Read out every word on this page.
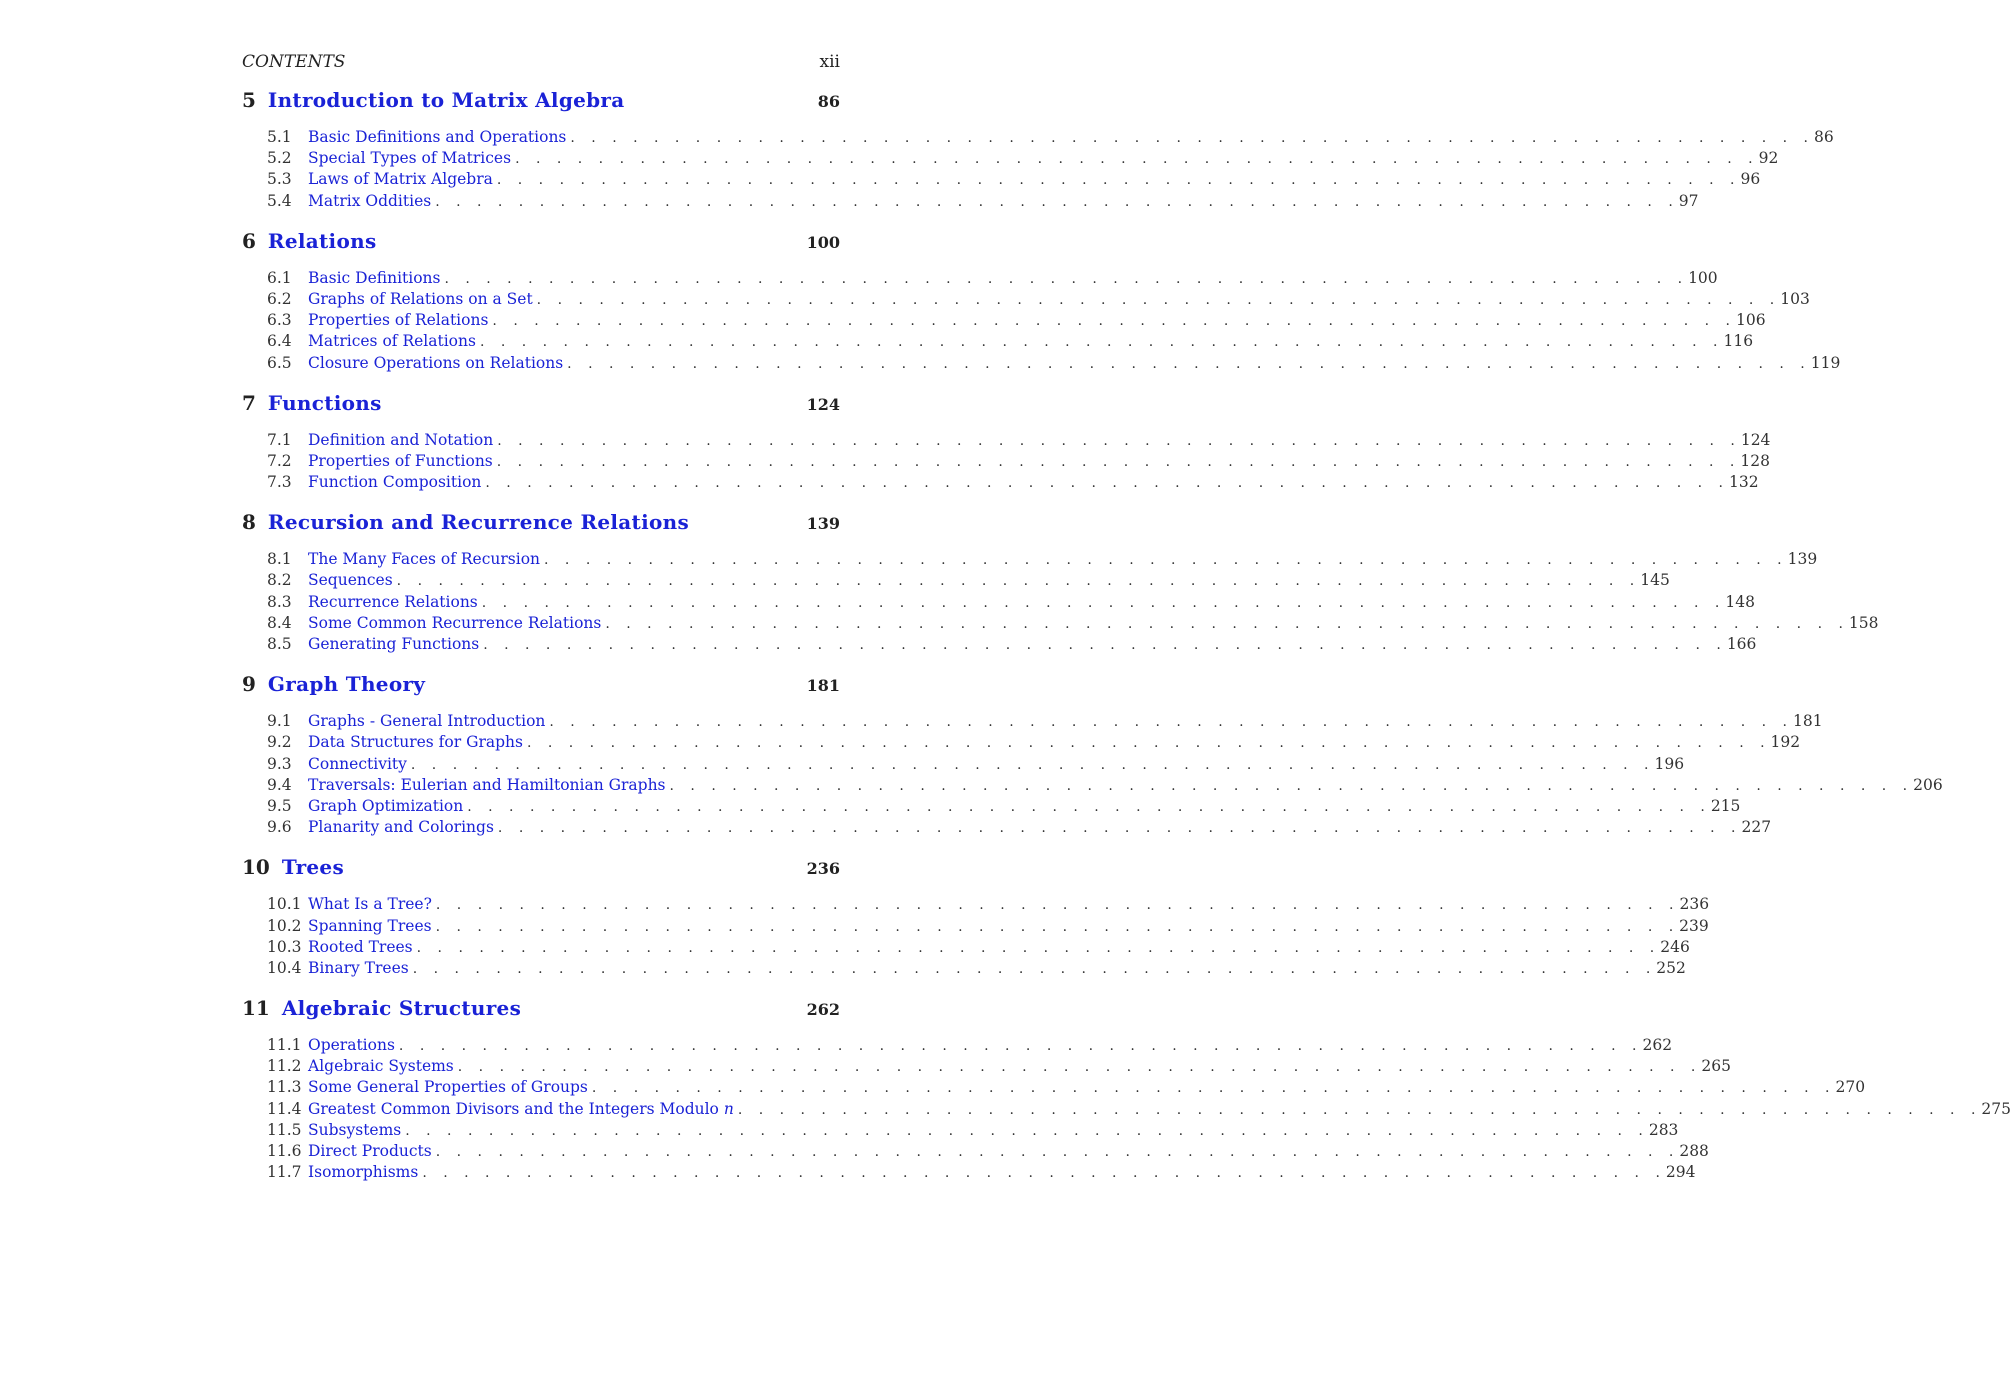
CONTENTS	xii
5 Introduction to Matrix Algebra	86
5.1	Basic Definitions and Operations . . . . . . . . . . . . . . . . . . . . . . . . . . . . . . . . . . . . . . . . . . . . . . . . . . . . . . . . . . . . 86
5.2	Special Types of Matrices . . . . . . . . . . . . . . . . . . . . . . . . . . . . . . . . . . . . . . . . . . . . . . . . . . . . . . . . . . . . 92
5.3	Laws of Matrix Algebra . . . . . . . . . . . . . . . . . . . . . . . . . . . . . . . . . . . . . . . . . . . . . . . . . . . . . . . . . . . . 96
5.4	Matrix Oddities . . . . . . . . . . . . . . . . . . . . . . . . . . . . . . . . . . . . . . . . . . . . . . . . . . . . . . . . . . . . 97
6 Relations	100
6.1	Basic Definitions . . . . . . . . . . . . . . . . . . . . . . . . . . . . . . . . . . . . . . . . . . . . . . . . . . . . . . . . . . . . 100
6.2	Graphs of Relations on a Set . . . . . . . . . . . . . . . . . . . . . . . . . . . . . . . . . . . . . . . . . . . . . . . . . . . . . . . . . . . . 103
6.3	Properties of Relations . . . . . . . . . . . . . . . . . . . . . . . . . . . . . . . . . . . . . . . . . . . . . . . . . . . . . . . . . . . . 106
6.4	Matrices of Relations . . . . . . . . . . . . . . . . . . . . . . . . . . . . . . . . . . . . . . . . . . . . . . . . . . . . . . . . . . . . 116
6.5	Closure Operations on Relations . . . . . . . . . . . . . . . . . . . . . . . . . . . . . . . . . . . . . . . . . . . . . . . . . . . . . . . . . . . . 119
7 Functions	124
7.1	Definition and Notation . . . . . . . . . . . . . . . . . . . . . . . . . . . . . . . . . . . . . . . . . . . . . . . . . . . . . . . . . . . . 124
7.2	Properties of Functions . . . . . . . . . . . . . . . . . . . . . . . . . . . . . . . . . . . . . . . . . . . . . . . . . . . . . . . . . . . . 128
7.3	Function Composition . . . . . . . . . . . . . . . . . . . . . . . . . . . . . . . . . . . . . . . . . . . . . . . . . . . . . . . . . . . . 132
8 Recursion and Recurrence Relations	139
8.1	The Many Faces of Recursion . . . . . . . . . . . . . . . . . . . . . . . . . . . . . . . . . . . . . . . . . . . . . . . . . . . . . . . . . . . . 139
8.2	Sequences . . . . . . . . . . . . . . . . . . . . . . . . . . . . . . . . . . . . . . . . . . . . . . . . . . . . . . . . . . . . 145
8.3	Recurrence Relations . . . . . . . . . . . . . . . . . . . . . . . . . . . . . . . . . . . . . . . . . . . . . . . . . . . . . . . . . . . . 148
8.4	Some Common Recurrence Relations . . . . . . . . . . . . . . . . . . . . . . . . . . . . . . . . . . . . . . . . . . . . . . . . . . . . . . . . . . . . 158
8.5	Generating Functions . . . . . . . . . . . . . . . . . . . . . . . . . . . . . . . . . . . . . . . . . . . . . . . . . . . . . . . . . . . . 166
9 Graph Theory	181
9.1	Graphs - General Introduction . . . . . . . . . . . . . . . . . . . . . . . . . . . . . . . . . . . . . . . . . . . . . . . . . . . . . . . . . . . . 181
9.2	Data Structures for Graphs . . . . . . . . . . . . . . . . . . . . . . . . . . . . . . . . . . . . . . . . . . . . . . . . . . . . . . . . . . . . 192
9.3	Connectivity . . . . . . . . . . . . . . . . . . . . . . . . . . . . . . . . . . . . . . . . . . . . . . . . . . . . . . . . . . . . 196
9.4	Traversals: Eulerian and Hamiltonian Graphs . . . . . . . . . . . . . . . . . . . . . . . . . . . . . . . . . . . . . . . . . . . . . . . . . . . . . . . . . . . . 206
9.5	Graph Optimization . . . . . . . . . . . . . . . . . . . . . . . . . . . . . . . . . . . . . . . . . . . . . . . . . . . . . . . . . . . . 215
9.6	Planarity and Colorings . . . . . . . . . . . . . . . . . . . . . . . . . . . . . . . . . . . . . . . . . . . . . . . . . . . . . . . . . . . . 227
10 Trees	236
10.1 What Is a Tree? . . . . . . . . . . . . . . . . . . . . . . . . . . . . . . . . . . . . . . . . . . . . . . . . . . . . . . . . . . . . 236
10.2 Spanning Trees . . . . . . . . . . . . . . . . . . . . . . . . . . . . . . . . . . . . . . . . . . . . . . . . . . . . . . . . . . . . 239
10.3 Rooted Trees . . . . . . . . . . . . . . . . . . . . . . . . . . . . . . . . . . . . . . . . . . . . . . . . . . . . . . . . . . . . 246
10.4 Binary Trees . . . . . . . . . . . . . . . . . . . . . . . . . . . . . . . . . . . . . . . . . . . . . . . . . . . . . . . . . . . . 252
11 Algebraic Structures	262
11.1 Operations . . . . . . . . . . . . . . . . . . . . . . . . . . . . . . . . . . . . . . . . . . . . . . . . . . . . . . . . . . . . 262
11.2 Algebraic Systems . . . . . . . . . . . . . . . . . . . . . . . . . . . . . . . . . . . . . . . . . . . . . . . . . . . . . . . . . . . . 265
11.3 Some General Properties of Groups . . . . . . . . . . . . . . . . . . . . . . . . . . . . . . . . . . . . . . . . . . . . . . . . . . . . . . . . . . . . 270
11.4 Greatest Common Divisors and the Integers Modulo n . . . . . . . . . . . . . . . . . . . . . . . . . . . . . . . . . . . . . . . . . . . . . . . . . . . . . . . . . . . . 275
11.5 Subsystems . . . . . . . . . . . . . . . . . . . . . . . . . . . . . . . . . . . . . . . . . . . . . . . . . . . . . . . . . . . . 283
11.6 Direct Products . . . . . . . . . . . . . . . . . . . . . . . . . . . . . . . . . . . . . . . . . . . . . . . . . . . . . . . . . . . . 288
11.7 Isomorphisms . . . . . . . . . . . . . . . . . . . . . . . . . . . . . . . . . . . . . . . . . . . . . . . . . . . . . . . . . . . . 294
